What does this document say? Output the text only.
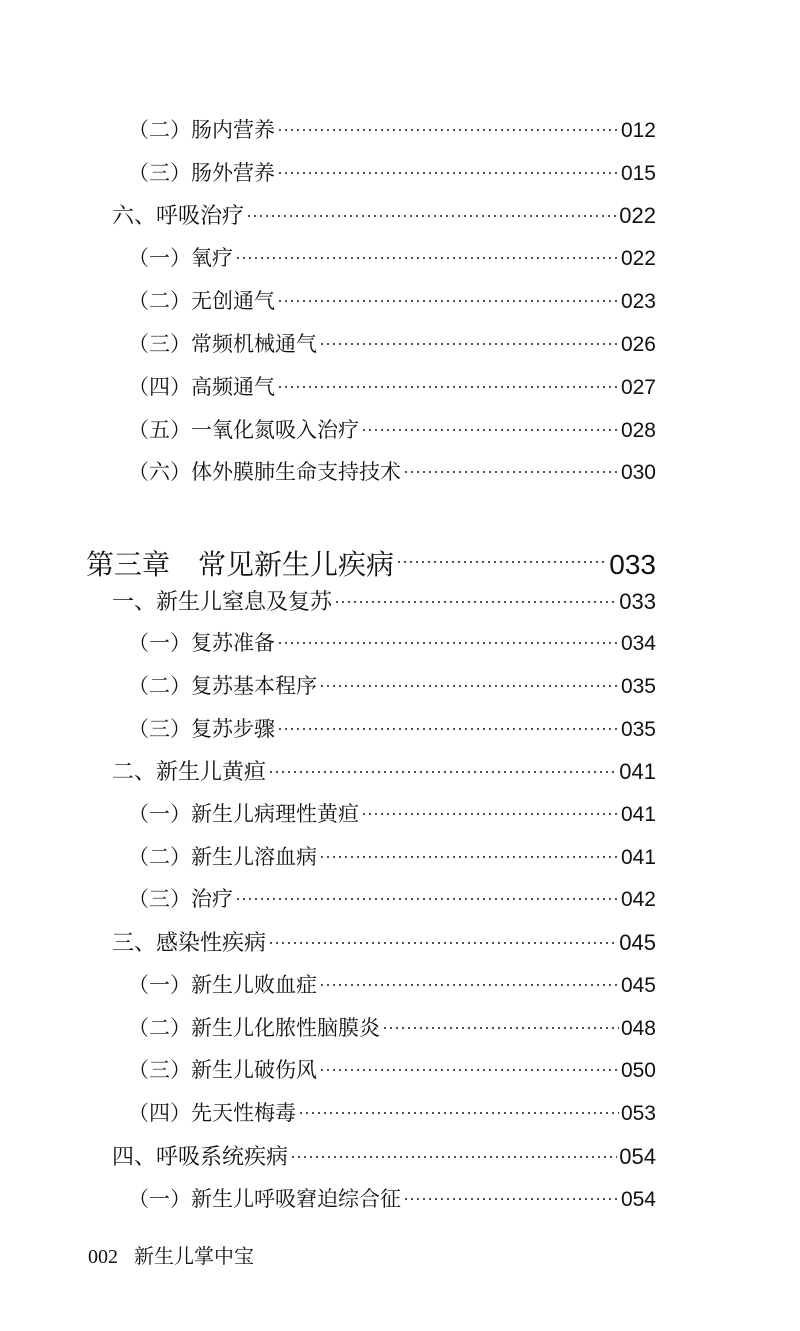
（二）肠内营养	012
（三）肠外营养	015
六、呼吸治疗	022
（一）氧疗	022
（二）无创通气	023
（三）常频机械通气	026
（四）高频通气	027
（五）一氧化氮吸入治疗	028
（六）体外膜肺生命支持技术	030
第三章　常见新生儿疾病	033
一、新生儿窒息及复苏	033
（一）复苏准备	034
（二）复苏基本程序	035
（三）复苏步骤	035
二、新生儿黄疸	041
（一）新生儿病理性黄疸	041
（二）新生儿溶血病	041
（三）治疗	042
三、感染性疾病	045
（一）新生儿败血症	045
（二）新生儿化脓性脑膜炎	048
（三）新生儿破伤风	050
（四）先天性梅毒	053
四、呼吸系统疾病	054
（一）新生儿呼吸窘迫综合征	054
002 新生儿掌中宝
